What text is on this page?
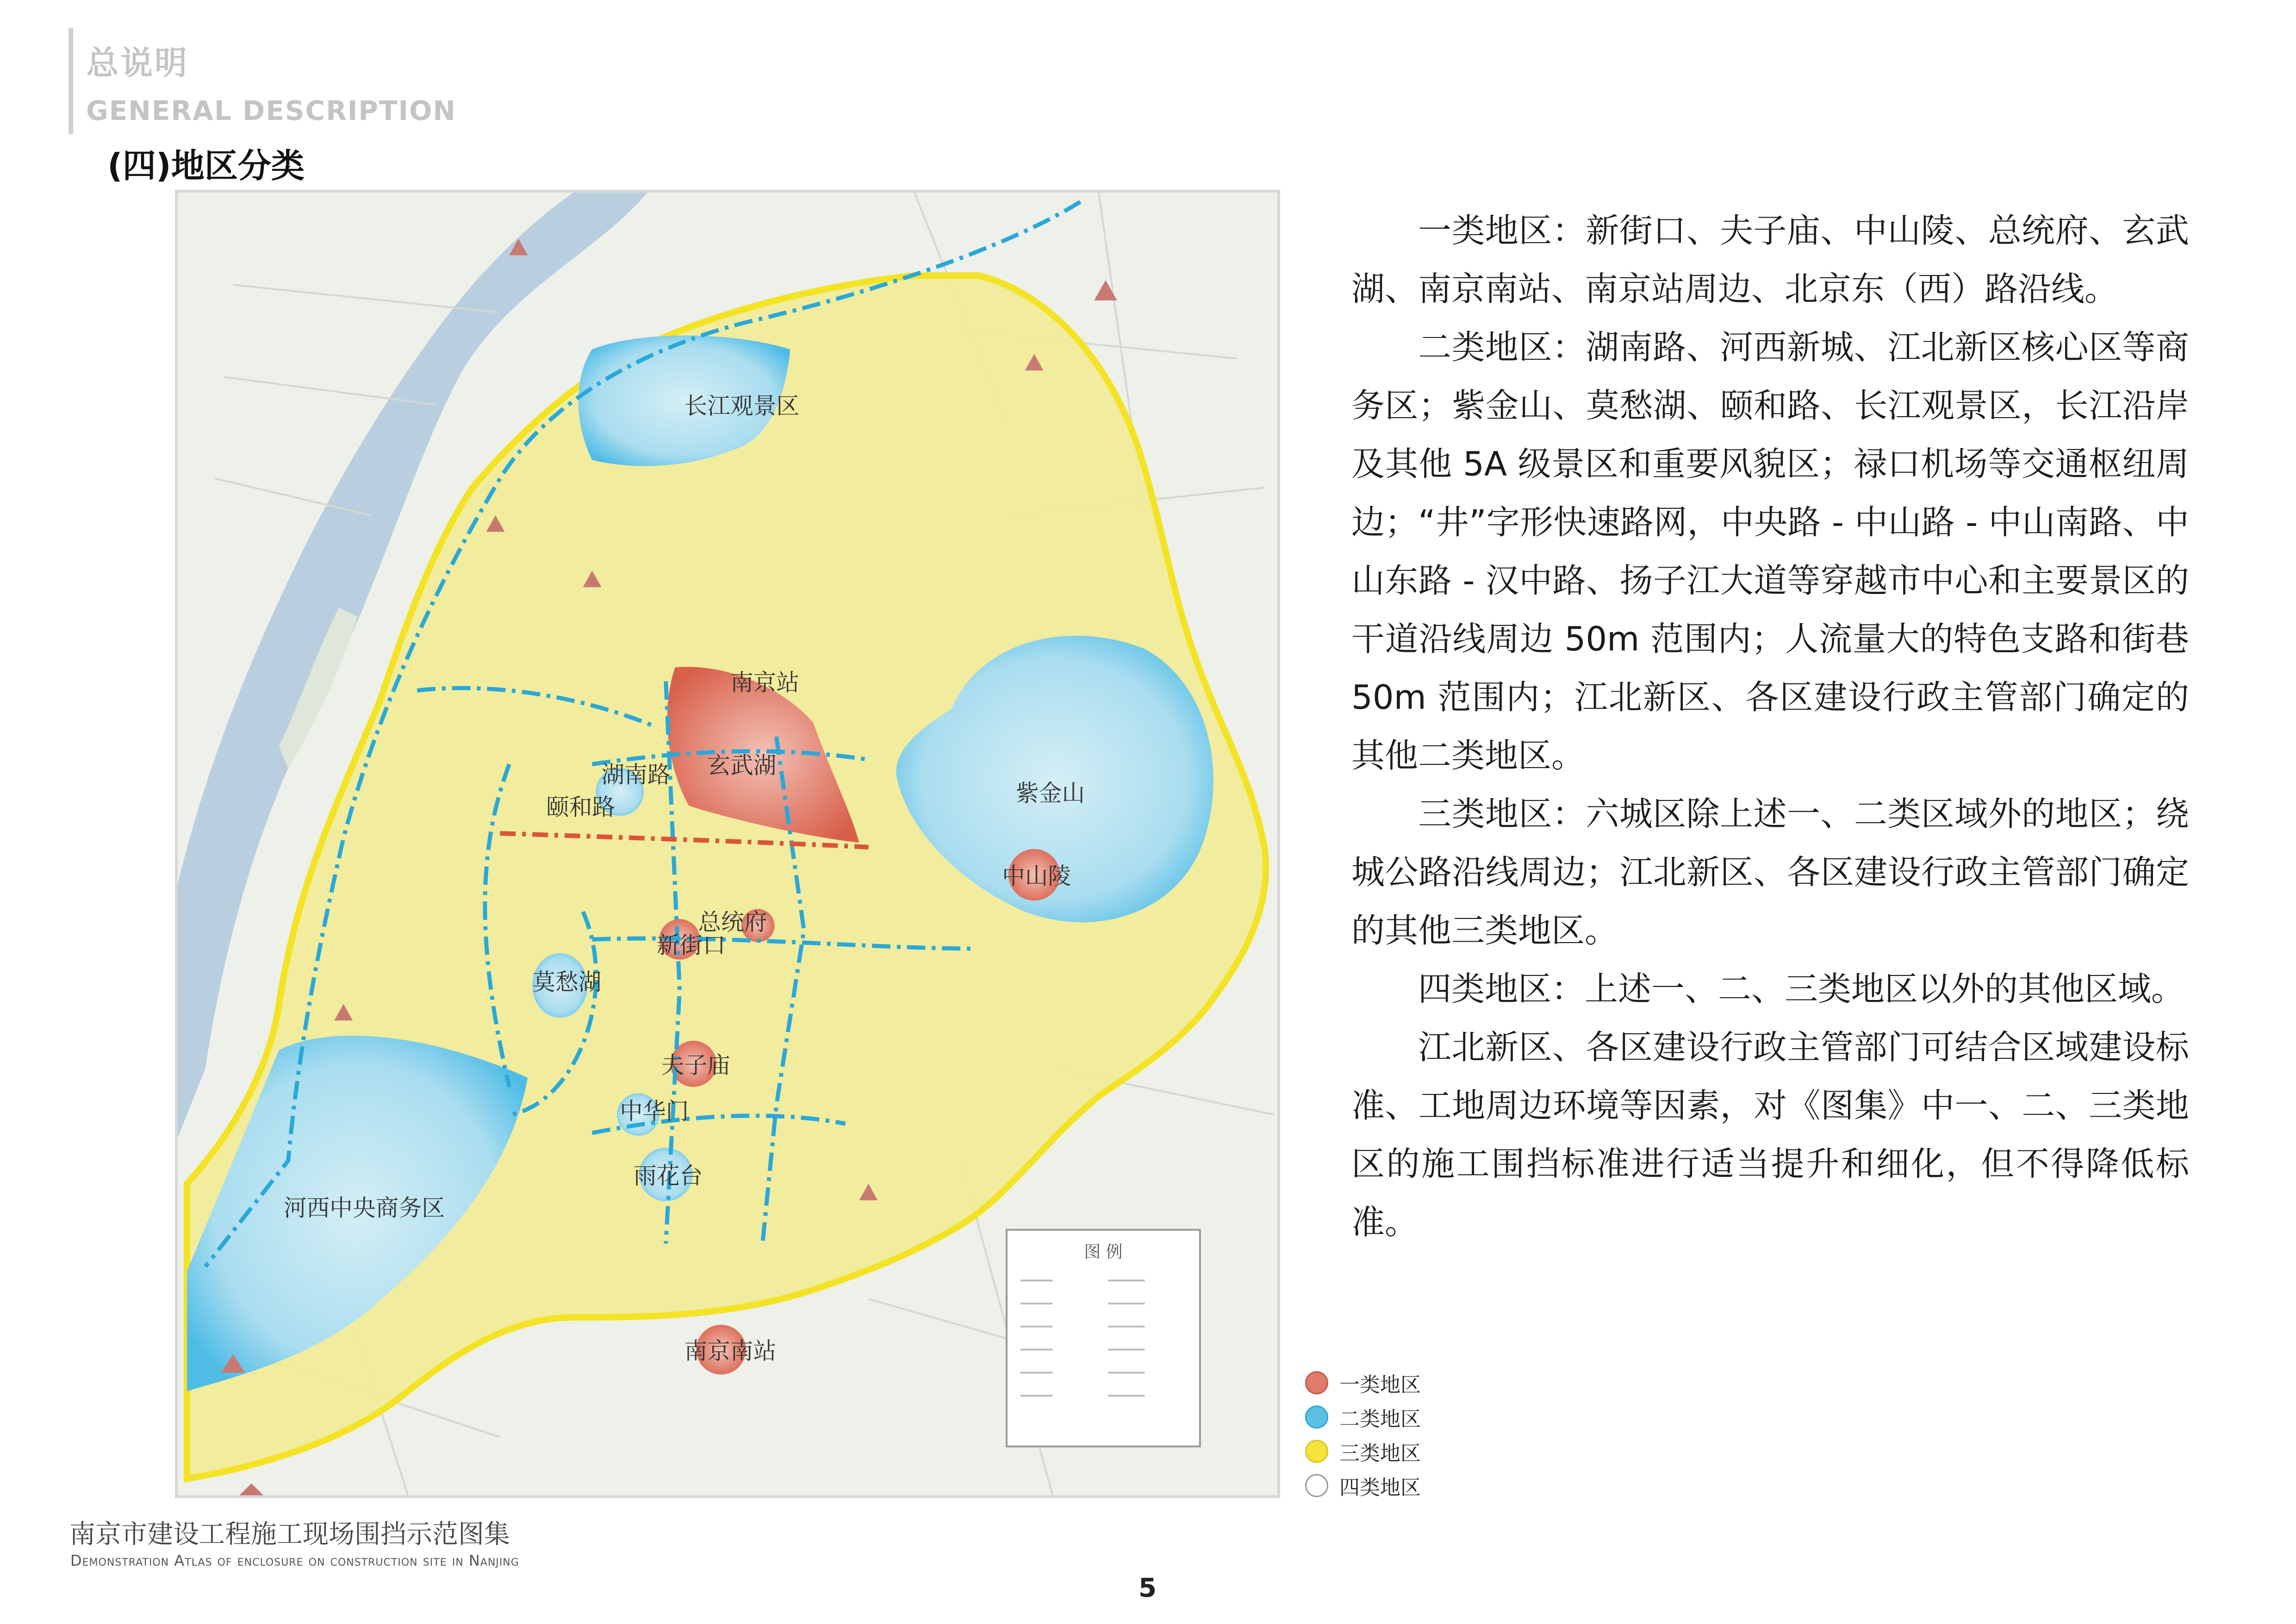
总说明
GENERAL DESCRIPTION
(四)地区分类
图 例
长江观景区
南京站
玄武湖
湖南路
颐和路
紫金山
中山陵
总统府
新街口
莫愁湖
夫子庙
中华门
雨花台
河西中央商务区
南京南站

一类地区：新街口、夫子庙、中山陵、总统府、玄武湖、南京南站、南京站周边、北京东（西）路沿线。

二类地区：湖南路、河西新城、江北新区核心区等商务区；紫金山、莫愁湖、颐和路、长江观景区，长江沿岸及其他 5A 级景区和重要风貌区；禄口机场等交通枢纽周边；“井”字形快速路网，中央路 - 中山路 - 中山南路、中山东路 - 汉中路、扬子江大道等穿越市中心和主要景区的干道沿线周边 50m 范围内；人流量大的特色支路和街巷 50m 范围内；江北新区、各区建设行政主管部门确定的其他二类地区。

三类地区：六城区除上述一、二类区域外的地区；绕城公路沿线周边；江北新区、各区建设行政主管部门确定的其他三类地区。

四类地区：上述一、二、三类地区以外的其他区域。

江北新区、各区建设行政主管部门可结合区域建设标准、工地周边环境等因素，对《图集》中一、二、三类地区的施工围挡标准进行适当提升和细化，但不得降低标准。

一类地区
二类地区
三类地区
四类地区
南京市建设工程施工现场围挡示范图集
Demonstration Atlas of enclosure on construction site in Nanjing
5
